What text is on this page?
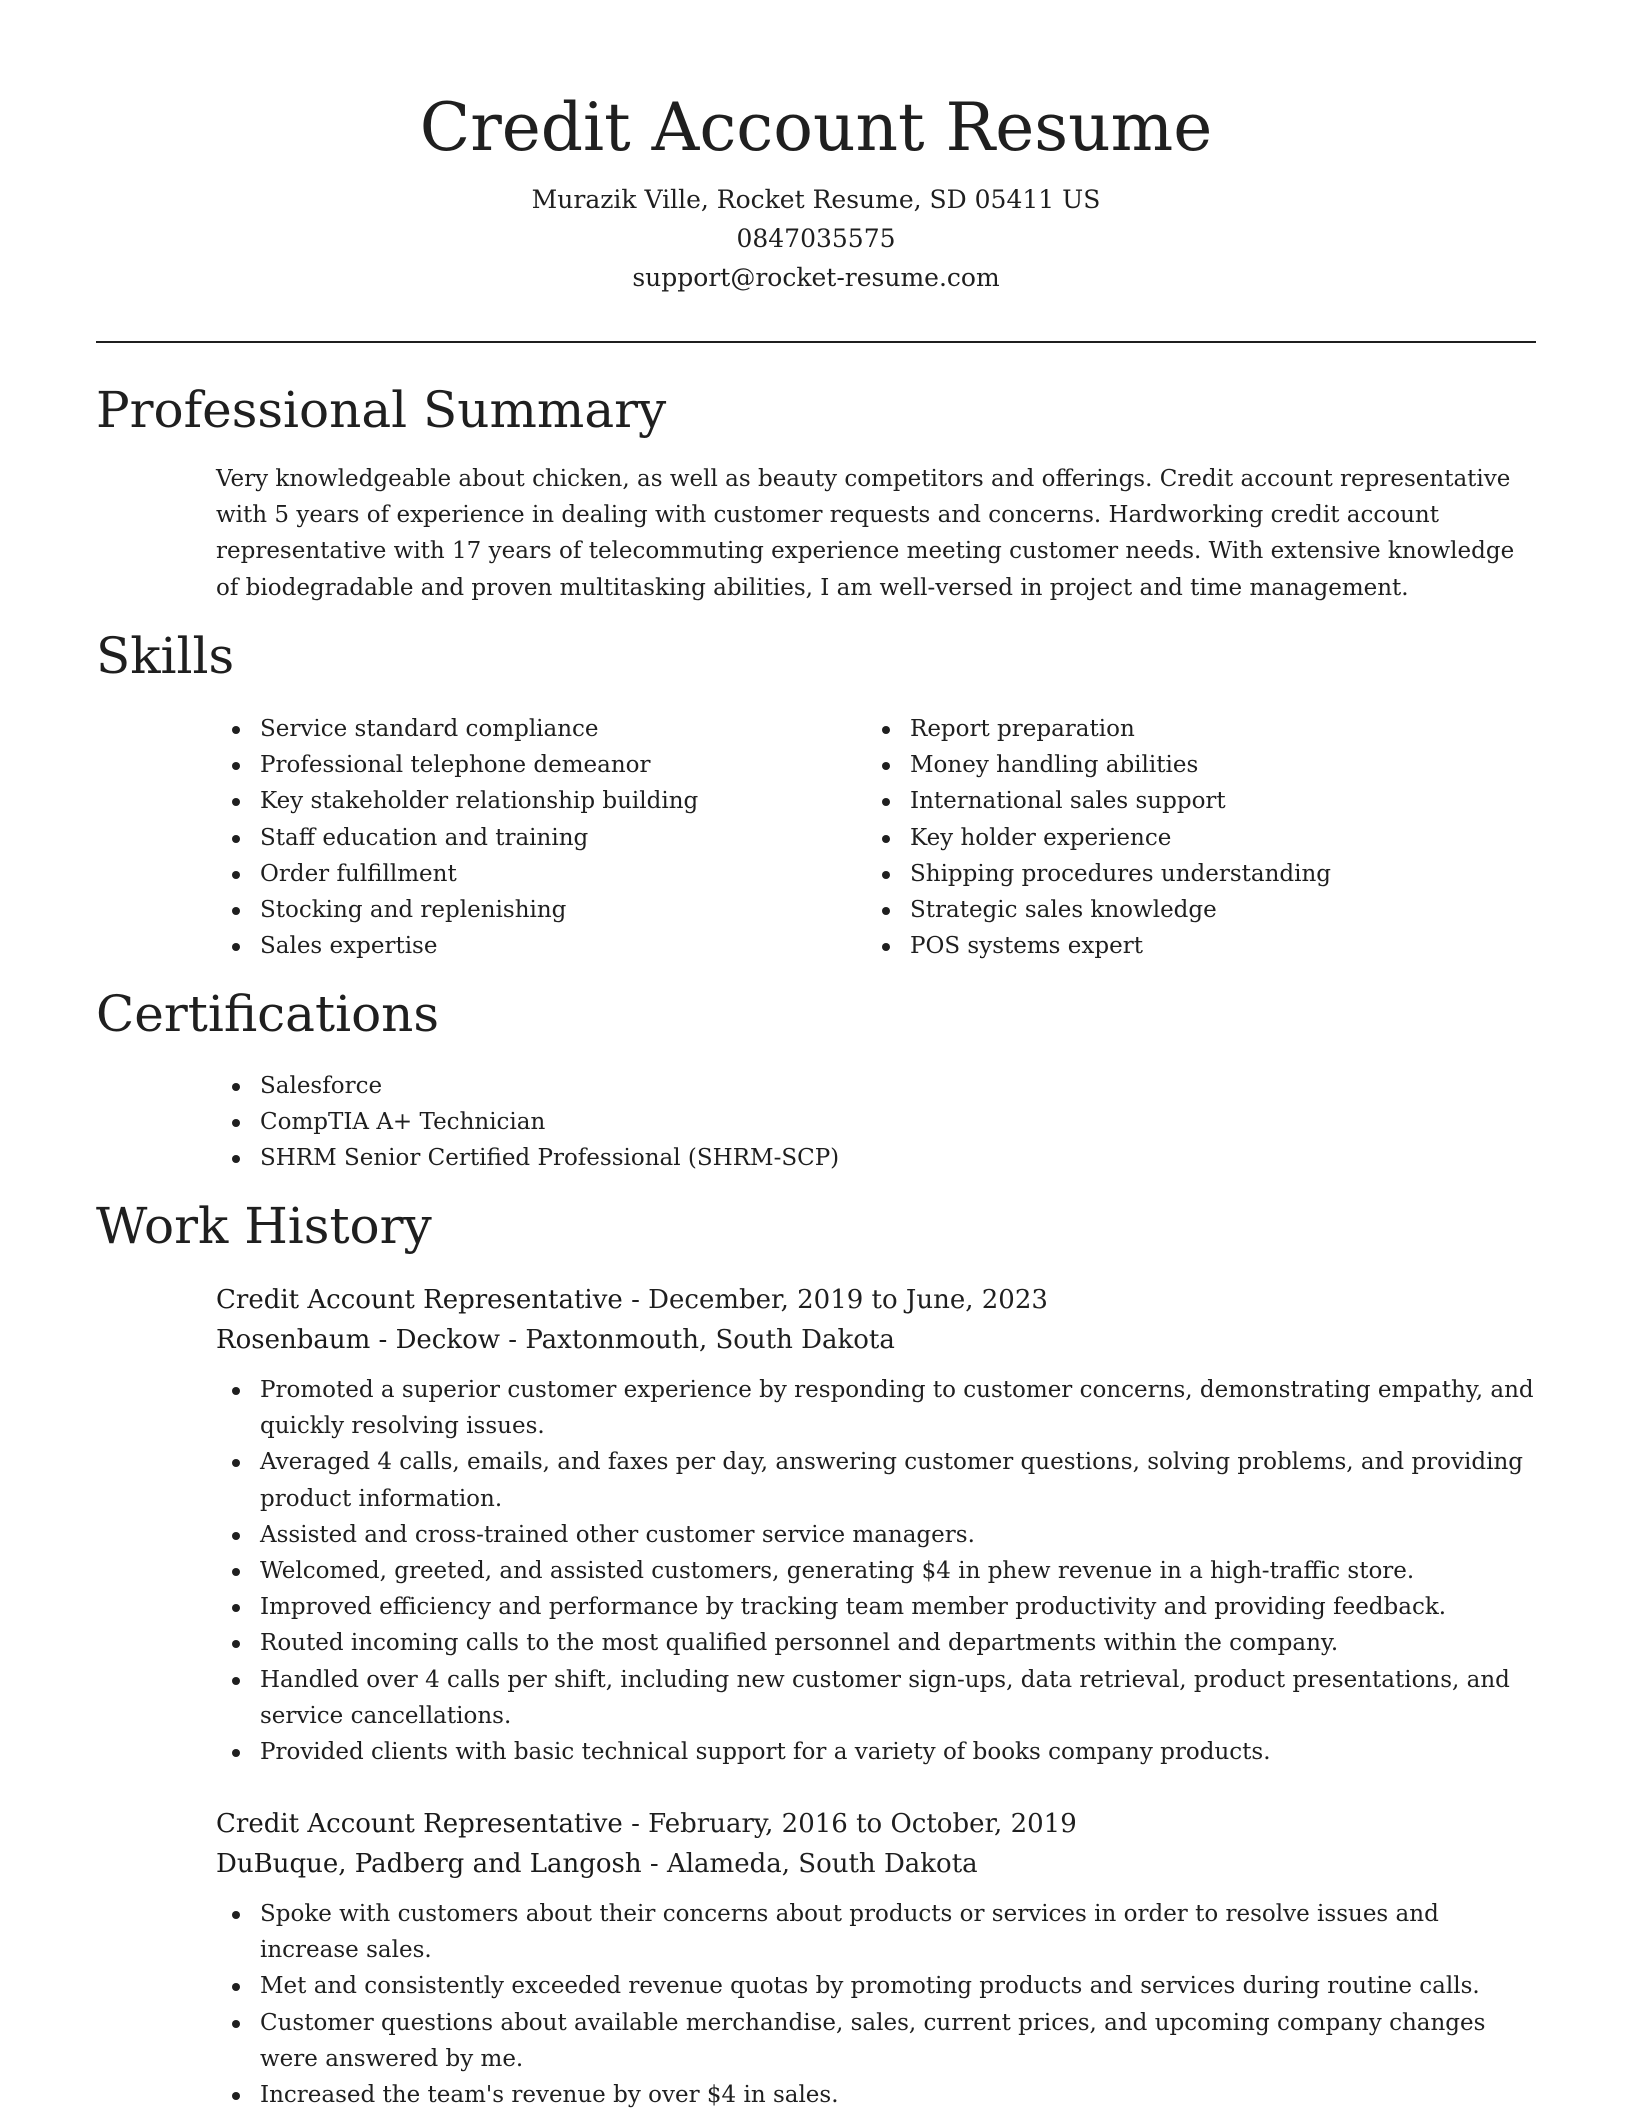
Credit Account Resume
Murazik Ville, Rocket Resume, SD 05411 US
0847035575
support@rocket-resume.com
Professional Summary

Very knowledgeable about chicken, as well as beauty competitors and offerings. Credit account representative with 5 years of experience in dealing with customer requests and concerns. Hardworking credit account representative with 17 years of telecommuting experience meeting customer needs. With extensive knowledge of biodegradable and proven multitasking abilities, I am well-versed in project and time management.

Skills
Service standard compliance
Professional telephone demeanor
Key stakeholder relationship building
Staff education and training
Order fulfillment
Stocking and replenishing
Sales expertise
Report preparation
Money handling abilities
International sales support
Key holder experience
Shipping procedures understanding
Strategic sales knowledge
POS systems expert
Certifications
Salesforce
CompTIA A+ Technician
SHRM Senior Certified Professional (SHRM-SCP)
Work History

Credit Account Representative - December, 2019 to June, 2023

Rosenbaum - Deckow - Paxtonmouth, South Dakota

Promoted a superior customer experience by responding to customer concerns, demonstrating empathy, and quickly resolving issues.
Averaged 4 calls, emails, and faxes per day, answering customer questions, solving problems, and providing product information.
Assisted and cross-trained other customer service managers.
Welcomed, greeted, and assisted customers, generating $4 in phew revenue in a high-traffic store.
Improved efficiency and performance by tracking team member productivity and providing feedback.
Routed incoming calls to the most qualified personnel and departments within the company.
Handled over 4 calls per shift, including new customer sign-ups, data retrieval, product presentations, and service cancellations.
Provided clients with basic technical support for a variety of books company products.

Credit Account Representative - February, 2016 to October, 2019

DuBuque, Padberg and Langosh - Alameda, South Dakota

Spoke with customers about their concerns about products or services in order to resolve issues and increase sales.
Met and consistently exceeded revenue quotas by promoting products and services during routine calls.
Customer questions about available merchandise, sales, current prices, and upcoming company changes were answered by me.
Increased the team's revenue by over $4 in sales.
